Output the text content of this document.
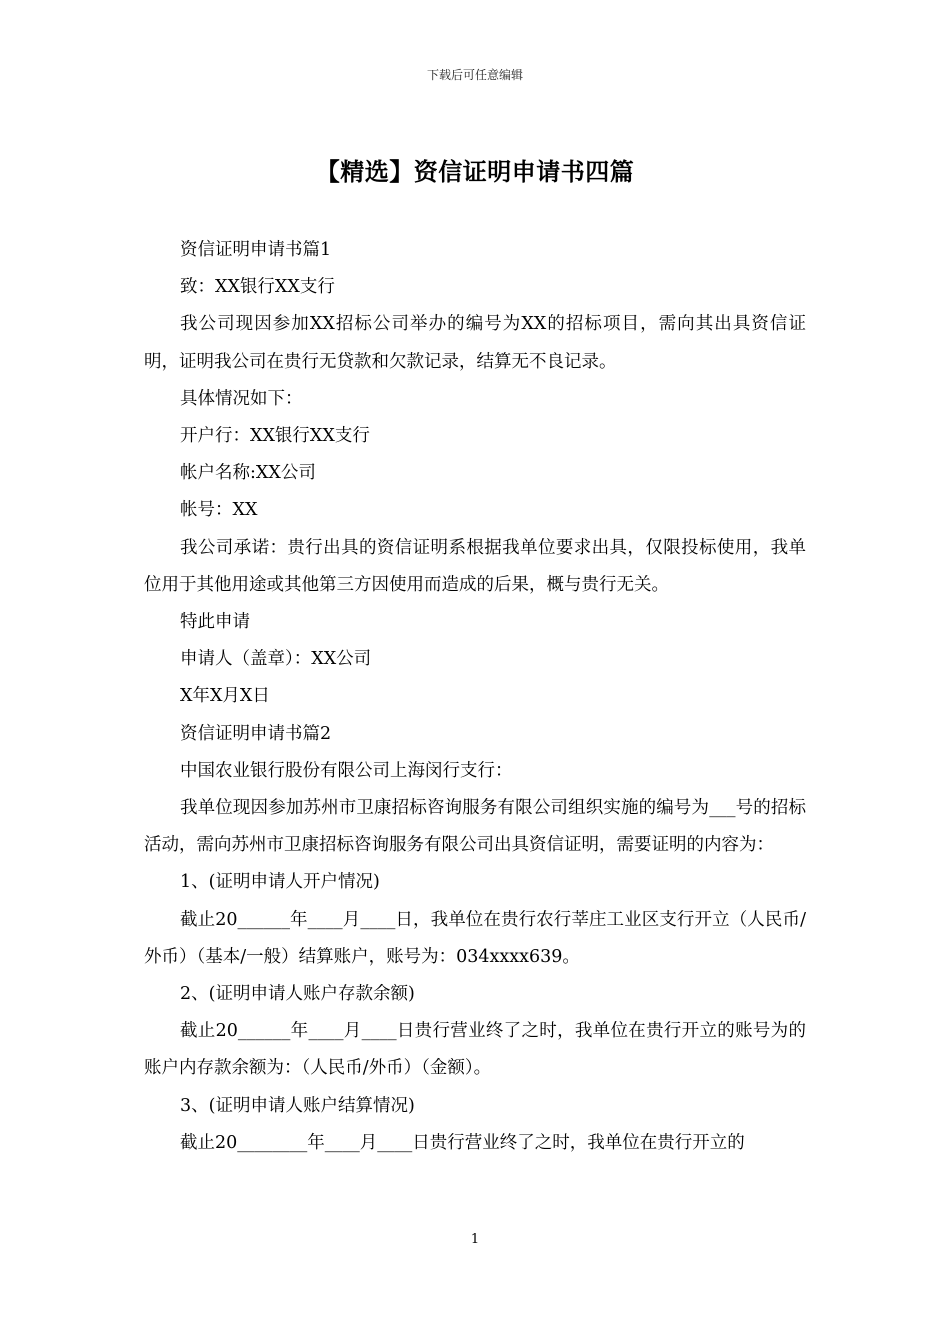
下载后可任意编辑
【精选】资信证明申请书四篇

资信证明申请书篇1

致：XX银行XX支行

我公司现因参加XX招标公司举办的编号为XX的招标项目，需向其出具资信证明，证明我公司在贵行无贷款和欠款记录，结算无不良记录。

具体情况如下：

开户行：XX银行XX支行

帐户名称:XX公司

帐号：XX

我公司承诺：贵行出具的资信证明系根据我单位要求出具，仅限投标使用，我单位用于其他用途或其他第三方因使用而造成的后果，概与贵行无关。

特此申请

申请人（盖章）：XX公司

X年X月X日

资信证明申请书篇2

中国农业银行股份有限公司上海闵行支行：

我单位现因参加苏州市卫康招标咨询服务有限公司组织实施的编号为___号的招标活动，需向苏州市卫康招标咨询服务有限公司出具资信证明，需要证明的内容为：

1、(证明申请人开户情况)

截止20______年____月____日，我单位在贵行农行莘庄工业区支行开立（人民币/外币）（基本/一般）结算账户，账号为：034xxxx639。

2、(证明申请人账户存款余额)

截止20______年____月____日贵行营业终了之时，我单位在贵行开立的账号为的账户内存款余额为：（人民币/外币）（金额）。

3、(证明申请人账户结算情况)

截止20________年____月____日贵行营业终了之时，我单位在贵行开立的

1
